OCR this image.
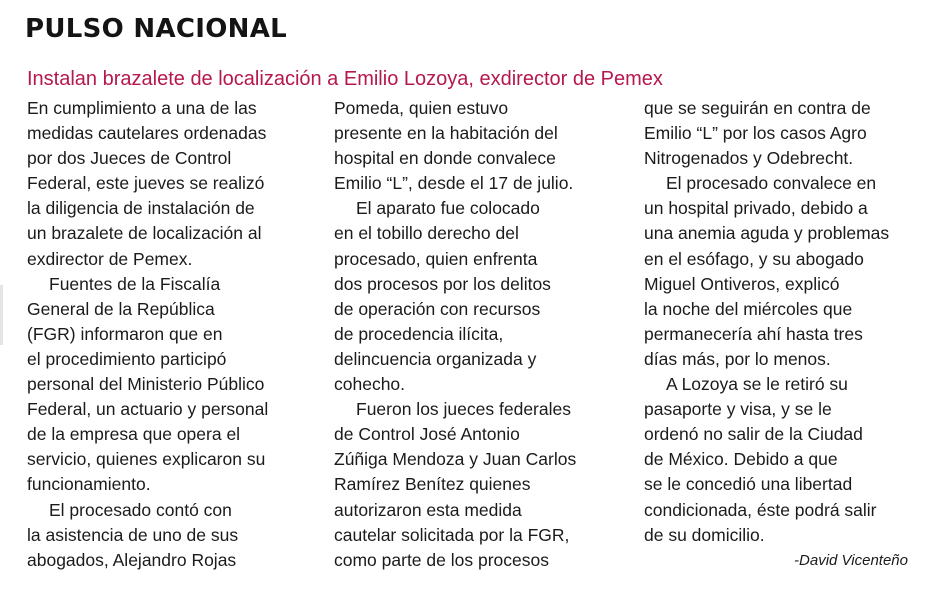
PULSO NACIONAL
Instalan brazalete de localización a Emilio Lozoya, exdirector de Pemex
En cumplimiento a una de las
medidas cautelares ordenadas
por dos Jueces de Control
Federal, este jueves se realizó
la diligencia de instalación de
un brazalete de localización al
exdirector de Pemex.
Fuentes de la Fiscalía
General de la República
(FGR) informaron que en
el procedimiento participó
personal del Ministerio Público
Federal, un actuario y personal
de la empresa que opera el
servicio, quienes explicaron su
funcionamiento.
El procesado contó con
la asistencia de uno de sus
abogados, Alejandro Rojas
Pomeda, quien estuvo
presente en la habitación del
hospital en donde convalece
Emilio “L”, desde el 17 de julio.
El aparato fue colocado
en el tobillo derecho del
procesado, quien enfrenta
dos procesos por los delitos
de operación con recursos
de procedencia ilícita,
delincuencia organizada y
cohecho.
Fueron los jueces federales
de Control José Antonio
Zúñiga Mendoza y Juan Carlos
Ramírez Benítez quienes
autorizaron esta medida
cautelar solicitada por la FGR,
como parte de los procesos
que se seguirán en contra de
Emilio “L” por los casos Agro
Nitrogenados y Odebrecht.
El procesado convalece en
un hospital privado, debido a
una anemia aguda y problemas
en el esófago, y su abogado
Miguel Ontiveros, explicó
la noche del miércoles que
permanecería ahí hasta tres
días más, por lo menos.
A Lozoya se le retiró su
pasaporte y visa, y se le
ordenó no salir de la Ciudad
de México. Debido a que
se le concedió una libertad
condicionada, éste podrá salir
de su domicilio.
-David Vicenteño
